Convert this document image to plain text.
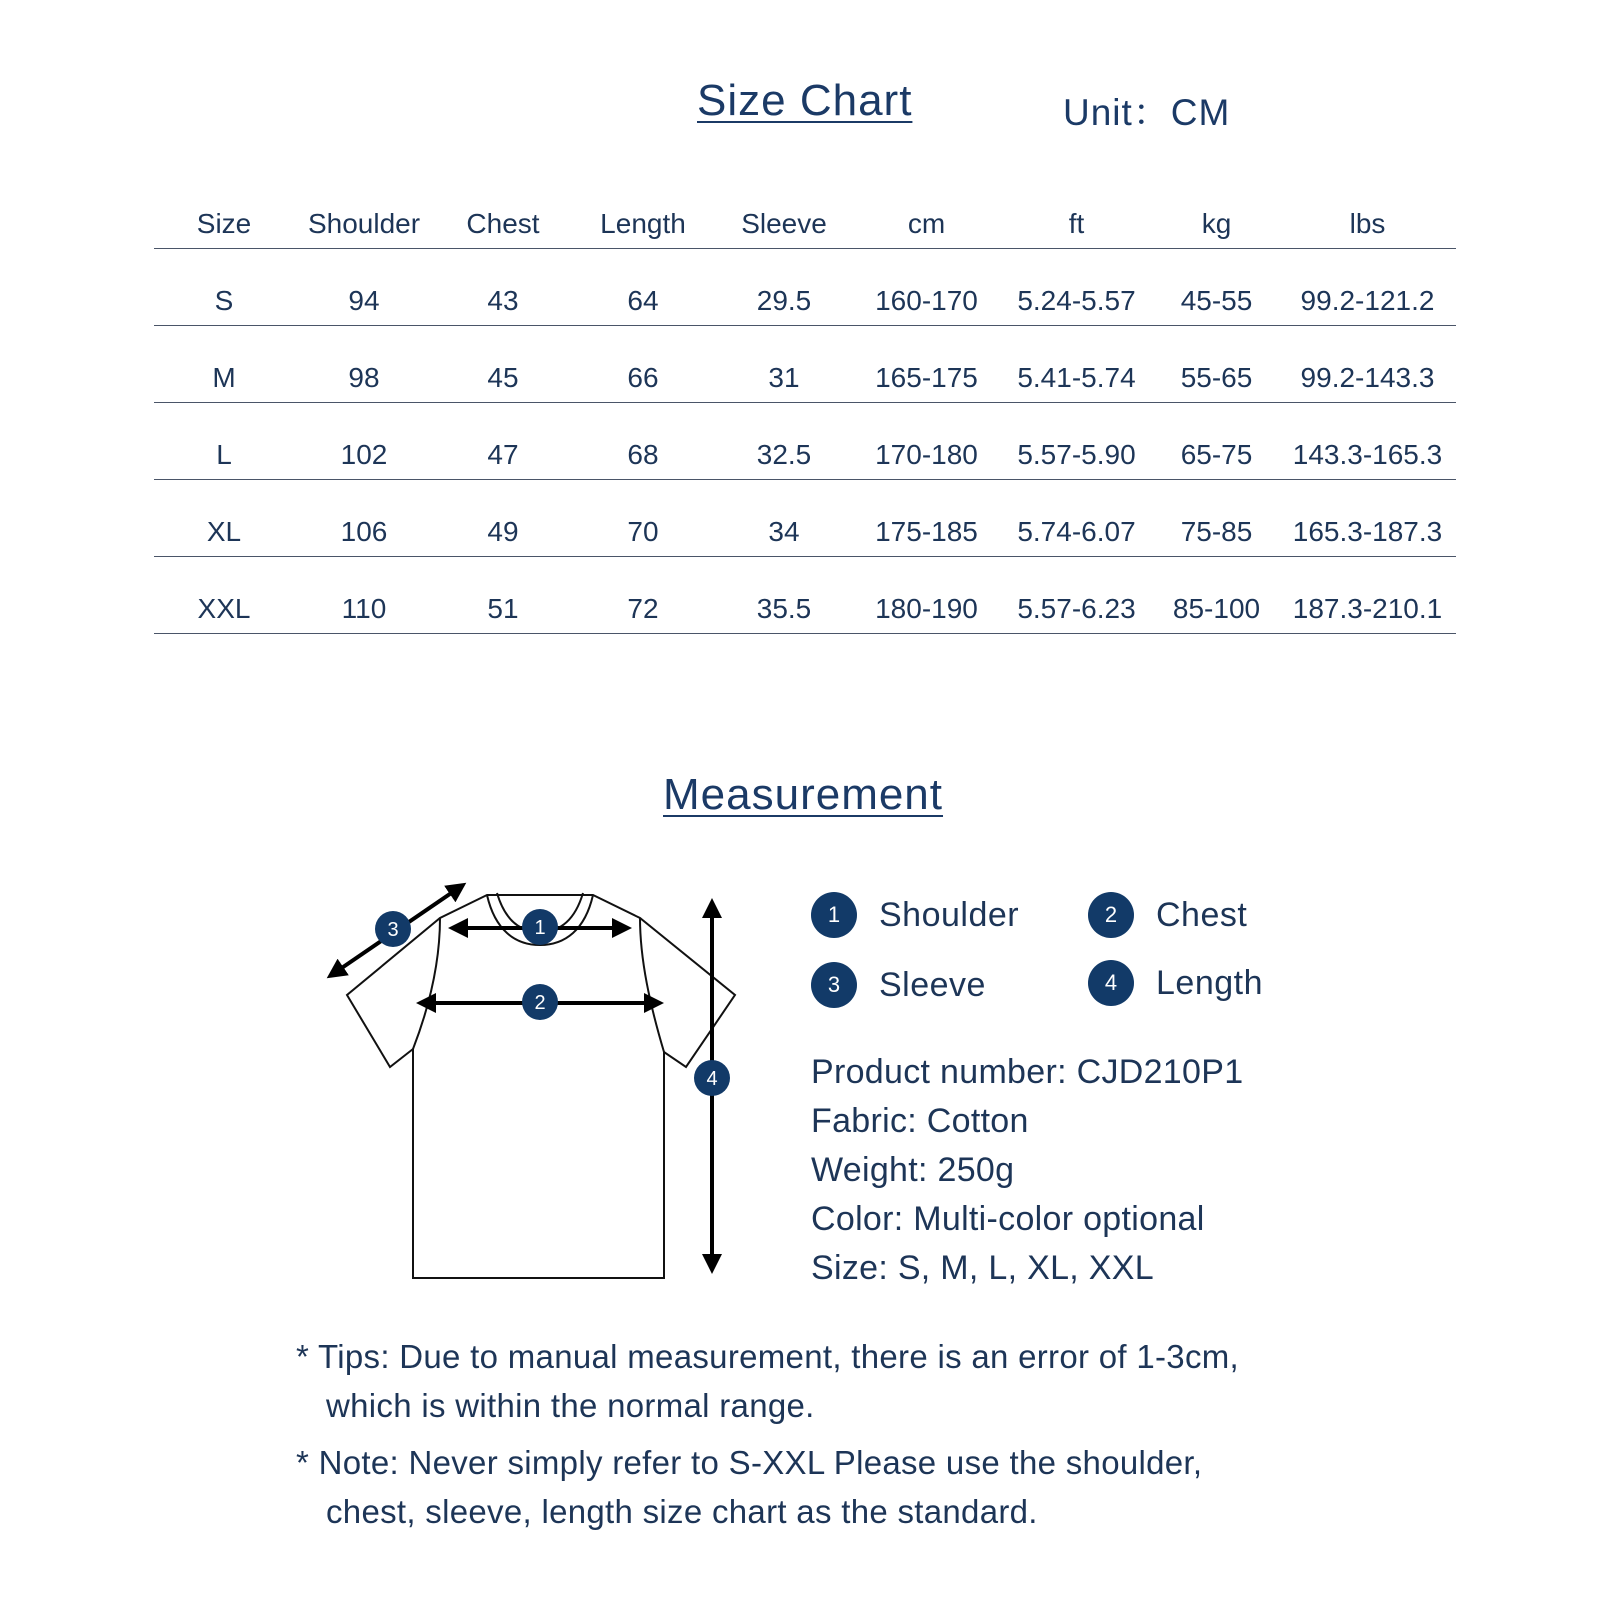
Size Chart	Unit：CM
Size	Shoulder	Chest	Length	Sleeve	cm	ft	kg	lbs
S	94	43	64	29.5	160-170	5.24-5.57	45-55	99.2-121.2
M	98	45	66	31	165-175	5.41-5.74	55-65	99.2-143.3
L	102	47	68	32.5	170-180	5.57-5.90	65-75	143.3-165.3
XL	106	49	70	34	175-185	5.74-6.07	75-85	165.3-187.3
XXL	110	51	72	35.5	180-190	5.57-6.23	85-100	187.3-210.1
Measurement
1
2
3
4
1	Shoulder	2	Chest
3	Sleeve	4	Length
Product number: CJD210P1
Fabric: Cotton
Weight: 250g
Color: Multi-color optional
Size: S, M, L, XL, XXL
* Tips: Due to manual measurement, there is an error of 1-3cm,
which is within the normal range.
* Note: Never simply refer to S-XXL Please use the shoulder,
chest, sleeve, length size chart as the standard.
